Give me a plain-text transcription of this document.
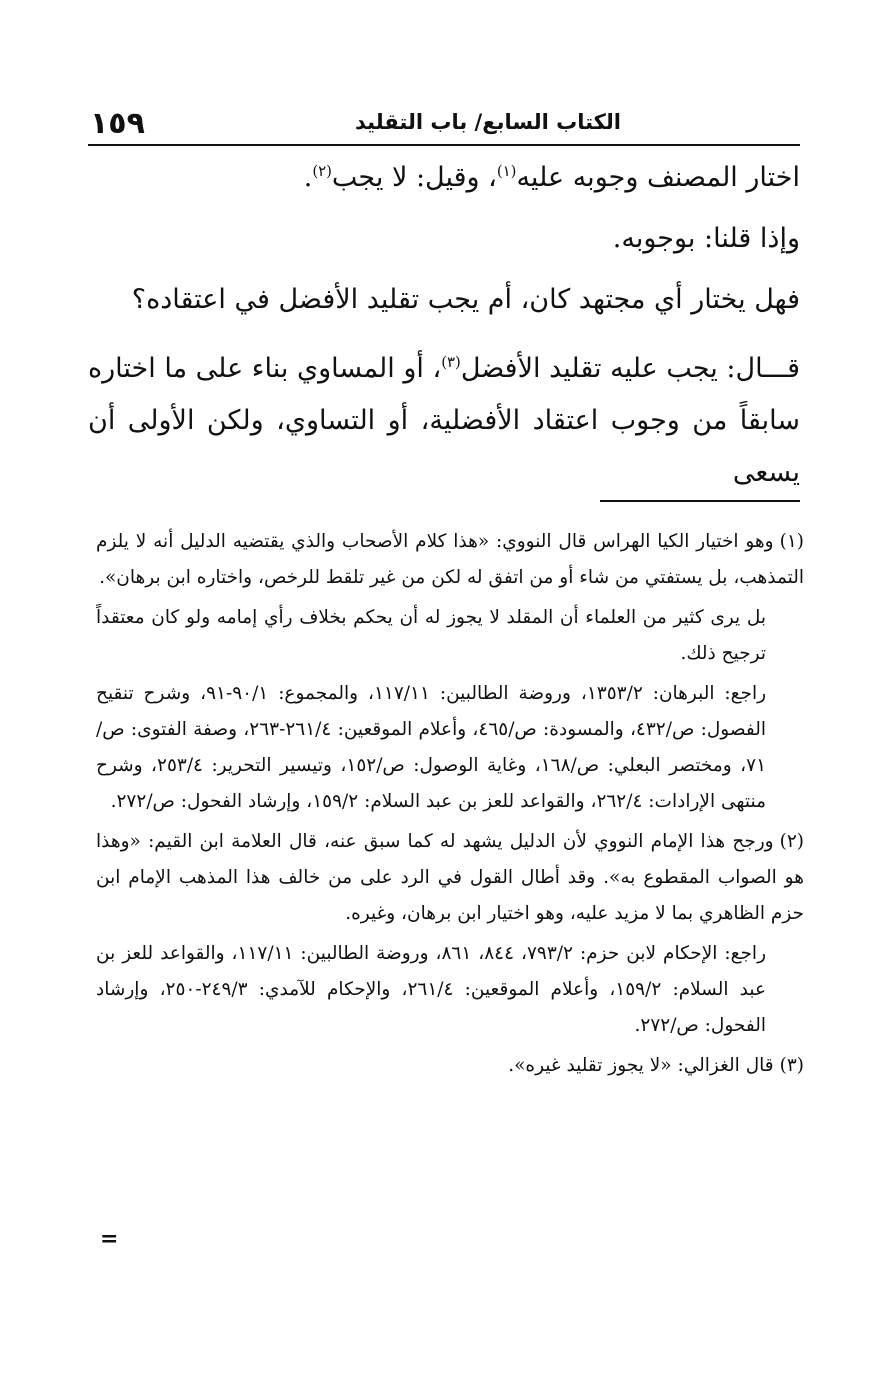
١٥٩	الكتاب السابع/ باب التقليد

اختار المصنف وجوبه عليه$^{(١)}$، وقيل: لا يجب$^{(٢)}$.

وإذا قلنا: بوجوبه.

فهل يختار أي مجتهد كان، أم يجب تقليد الأفضل في اعتقاده؟

قـــال: يجب عليه تقليد الأفضل$^{(٣)}$، أو المساوي بناء على ما اختاره سابقاً من وجوب اعتقاد الأفضلية، أو التساوي، ولكن الأولى أن يسعى

(١)وهو اختيار الكيا الهراس قال النووي: «هذا كلام الأصحاب والذي يقتضيه الدليل أنه لا يلزم التمذهب، بل يستفتي من شاء أو من اتفق له لكن من غير تلقط للرخص، واختاره ابن برهان».
بل يرى كثير من العلماء أن المقلد لا يجوز له أن يحكم بخلاف رأي إمامه ولو كان معتقداً ترجيح ذلك.
راجع: البرهان: ١٣٥٣/٢، وروضة الطالبين: ١١٧/١١، والمجموع: ٩٠/١-٩١، وشرح تنقيح الفصول: ص/٤٣٢، والمسودة: ص/٤٦٥، وأعلام الموقعين: ٢٦١/٤-٢٦٣، وصفة الفتوى: ص/٧١، ومختصر البعلي: ص/١٦٨، وغاية الوصول: ص/١٥٢، وتيسير التحرير: ٢٥٣/٤، وشرح منتهى الإرادات: ٢٦٢/٤، والقواعد للعز بن عبد السلام: ١٥٩/٢، وإرشاد الفحول: ص/٢٧٢.
(٢)ورجح هذا الإمام النووي لأن الدليل يشهد له كما سبق عنه، قال العلامة ابن القيم: «وهذا هو الصواب المقطوع به». وقد أطال القول في الرد على من خالف هذا المذهب الإمام ابن حزم الظاهري بما لا مزيد عليه، وهو اختيار ابن برهان، وغيره.
راجع: الإحكام لابن حزم: ٧٩٣/٢، ٨٤٤، ٨٦١، وروضة الطالبين: ١١٧/١١، والقواعد للعز بن عبد السلام: ١٥٩/٢، وأعلام الموقعين: ٢٦١/٤، والإحكام للآمدي: ٢٤٩/٣-٢٥٠، وإرشاد الفحول: ص/٢٧٢.
(٣)قال الغزالي: «لا يجوز تقليد غيره».
=
